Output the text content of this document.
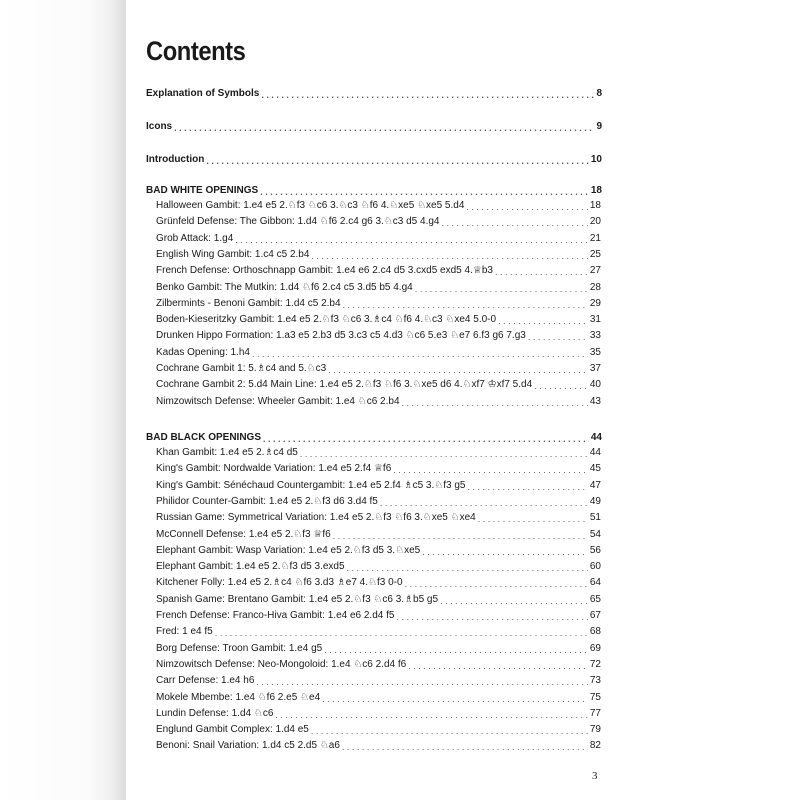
Contents
Explanation of Symbols . . .	8
Icons . . .	9
Introduction . . .	10
BAD WHITE OPENINGS . . .	18
Halloween Gambit: 1.e4 e5 2.♘f3 ♘c6 3.♘c3 ♘f6 4.♘xe5 ♘xe5 5.d4 . . .	18
Grünfeld Defense: The Gibbon: 1.d4 ♘f6 2.c4 g6 3.♘c3 d5 4.g4 . . .	20
Grob Attack: 1.g4 . . .	21
English Wing Gambit: 1.c4 c5 2.b4 . . .	25
French Defense: Orthoschnapp Gambit: 1.e4 e6 2.c4 d5 3.cxd5 exd5 4.♕b3 . . .	27
Benko Gambit: The Mutkin: 1.d4 ♘f6 2.c4 c5 3.d5 b5 4.g4 . . .	28
Zilbermints - Benoni Gambit: 1.d4 c5 2.b4 . . .	29
Boden-Kieseritzky Gambit: 1.e4 e5 2.♘f3 ♘c6 3.♗c4 ♘f6 4.♘c3 ♘xe4 5.0-0 . . .	31
Drunken Hippo Formation: 1.a3 e5 2.b3 d5 3.c3 c5 4.d3 ♘c6 5.e3 ♘e7 6.f3 g6 7.g3 . . .	33
Kadas Opening: 1.h4 . . .	35
Cochrane Gambit 1: 5.♗c4 and 5.♘c3 . . .	37
Cochrane Gambit 2: 5.d4 Main Line: 1.e4 e5 2.♘f3 ♘f6 3.♘xe5 d6 4.♘xf7 ♔xf7 5.d4 . . .	40
Nimzowitsch Defense: Wheeler Gambit: 1.e4 ♘c6 2.b4 . . .	43
BAD BLACK OPENINGS . . .	44
Khan Gambit: 1.e4 e5 2.♗c4 d5 . . .	44
King's Gambit: Nordwalde Variation: 1.e4 e5 2.f4 ♕f6 . . .	45
King's Gambit: Sénéchaud Countergambit: 1.e4 e5 2.f4 ♗c5 3.♘f3 g5 . . .	47
Philidor Counter-Gambit: 1.e4 e5 2.♘f3 d6 3.d4 f5 . . .	49
Russian Game: Symmetrical Variation: 1.e4 e5 2.♘f3 ♘f6 3.♘xe5 ♘xe4 . . .	51
McConnell Defense: 1.e4 e5 2.♘f3 ♕f6 . . .	54
Elephant Gambit: Wasp Variation: 1.e4 e5 2.♘f3 d5 3.♘xe5 . . .	56
Elephant Gambit: 1.e4 e5 2.♘f3 d5 3.exd5 . . .	60
Kitchener Folly: 1.e4 e5 2.♗c4 ♘f6 3.d3 ♗e7 4.♘f3 0-0 . . .	64
Spanish Game: Brentano Gambit: 1.e4 e5 2.♘f3 ♘c6 3.♗b5 g5 . . .	65
French Defense: Franco-Hiva Gambit: 1.e4 e6 2.d4 f5 . . .	67
Fred: 1 e4 f5 . . .	68
Borg Defense: Troon Gambit: 1.e4 g5 . . .	69
Nimzowitsch Defense: Neo-Mongoloid: 1.e4 ♘c6 2.d4 f6 . . .	72
Carr Defense: 1.e4 h6 . . .	73
Mokele Mbembe: 1.e4 ♘f6 2.e5 ♘e4 . . .	75
Lundin Defense: 1.d4 ♘c6 . . .	77
Englund Gambit Complex: 1.d4 e5 . . .	79
Benoni: Snail Variation: 1.d4 c5 2.d5 ♘a6 . . .	82
3
